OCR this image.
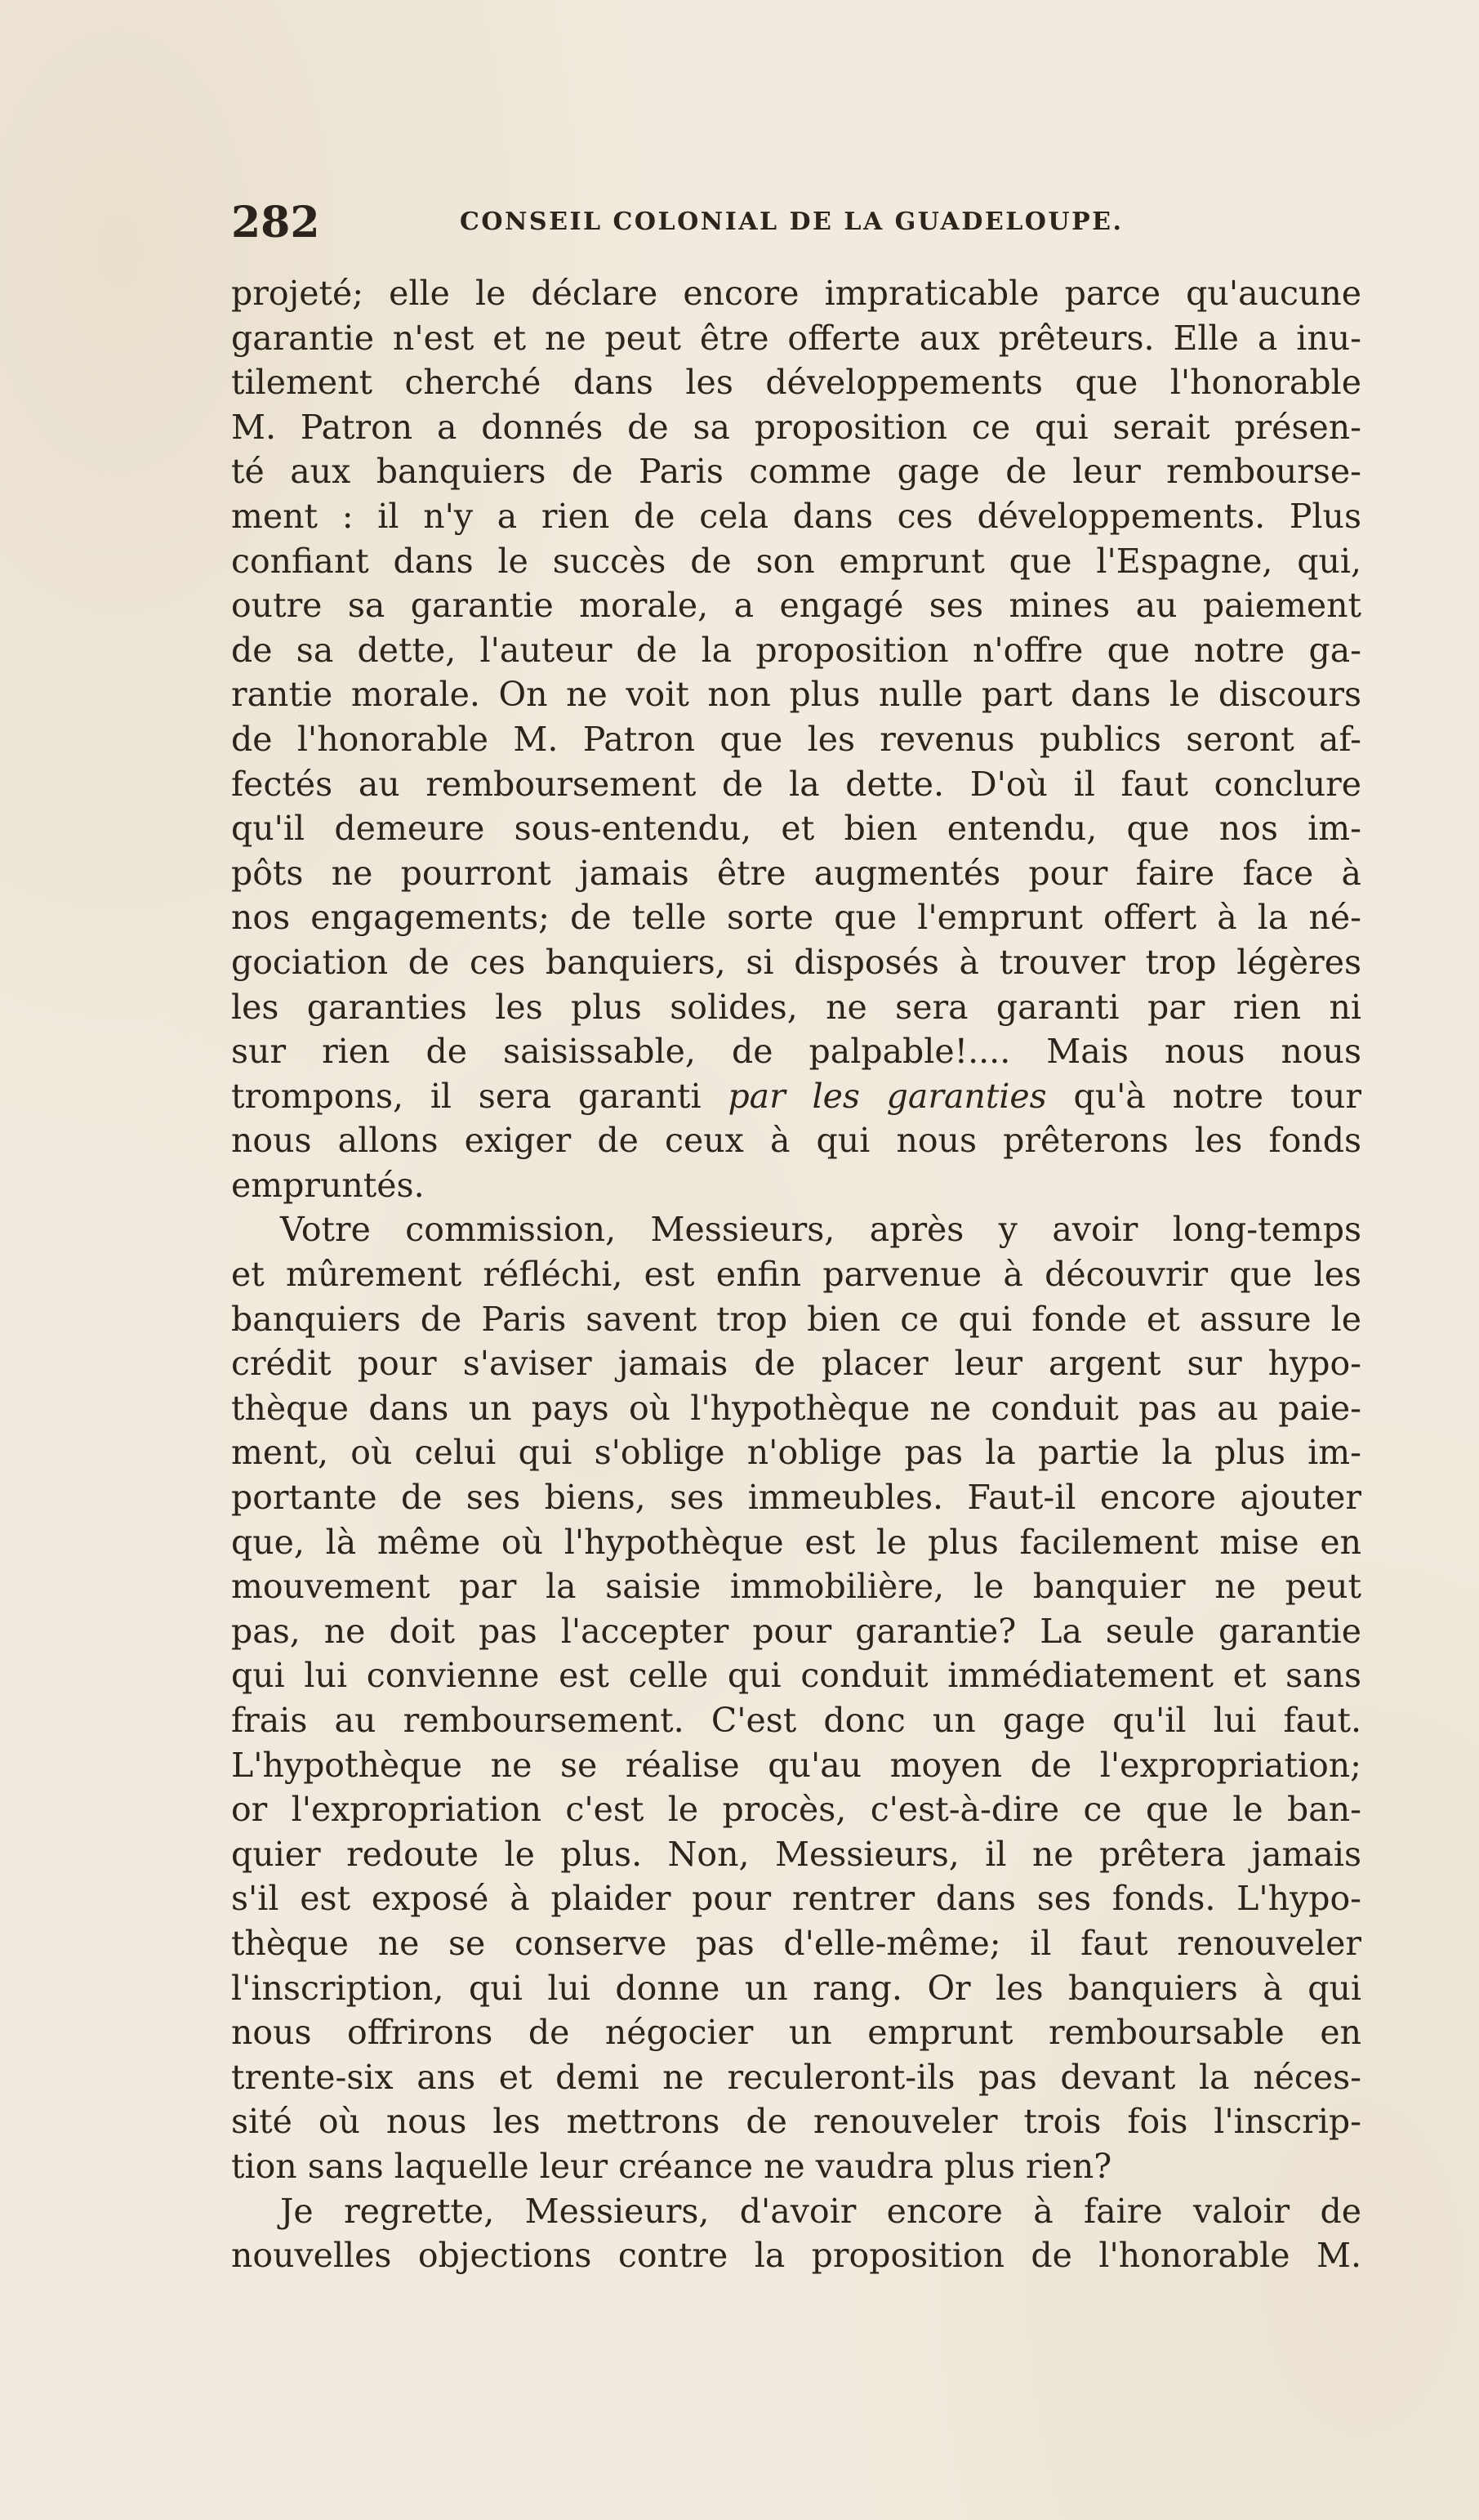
282	CONSEIL COLONIAL DE LA GUADELOUPE.
projeté; elle le déclare encore impraticable parce qu'aucune
garantie n'est et ne peut être offerte aux prêteurs. Elle a inu-
tilement cherché dans les développements que l'honorable
M. Patron a donnés de sa proposition ce qui serait présen-
té aux banquiers de Paris comme gage de leur rembourse-
ment : il n'y a rien de cela dans ces développements. Plus
confiant dans le succès de son emprunt que l'Espagne, qui,
outre sa garantie morale, a engagé ses mines au paiement
de sa dette, l'auteur de la proposition n'offre que notre ga-
rantie morale. On ne voit non plus nulle part dans le discours
de l'honorable M. Patron que les revenus publics seront af-
fectés au remboursement de la dette. D'où il faut conclure
qu'il demeure sous-entendu, et bien entendu, que nos im-
pôts ne pourront jamais être augmentés pour faire face à
nos engagements; de telle sorte que l'emprunt offert à la né-
gociation de ces banquiers, si disposés à trouver trop légères
les garanties les plus solides, ne sera garanti par rien ni
sur rien de saisissable, de palpable!.... Mais nous nous
trompons, il sera garanti par les garanties qu'à notre tour
nous allons exiger de ceux à qui nous prêterons les fonds
empruntés.
Votre commission, Messieurs, après y avoir long-temps
et mûrement réfléchi, est enfin parvenue à découvrir que les
banquiers de Paris savent trop bien ce qui fonde et assure le
crédit pour s'aviser jamais de placer leur argent sur hypo-
thèque dans un pays où l'hypothèque ne conduit pas au paie-
ment, où celui qui s'oblige n'oblige pas la partie la plus im-
portante de ses biens, ses immeubles. Faut-il encore ajouter
que, là même où l'hypothèque est le plus facilement mise en
mouvement par la saisie immobilière, le banquier ne peut
pas, ne doit pas l'accepter pour garantie? La seule garantie
qui lui convienne est celle qui conduit immédiatement et sans
frais au remboursement. C'est donc un gage qu'il lui faut.
L'hypothèque ne se réalise qu'au moyen de l'expropriation;
or l'expropriation c'est le procès, c'est-à-dire ce que le ban-
quier redoute le plus. Non, Messieurs, il ne prêtera jamais
s'il est exposé à plaider pour rentrer dans ses fonds. L'hypo-
thèque ne se conserve pas d'elle-même; il faut renouveler
l'inscription, qui lui donne un rang. Or les banquiers à qui
nous offrirons de négocier un emprunt remboursable en
trente-six ans et demi ne reculeront-ils pas devant la néces-
sité où nous les mettrons de renouveler trois fois l'inscrip-
tion sans laquelle leur créance ne vaudra plus rien?
Je regrette, Messieurs, d'avoir encore à faire valoir de
nouvelles objections contre la proposition de l'honorable M.
